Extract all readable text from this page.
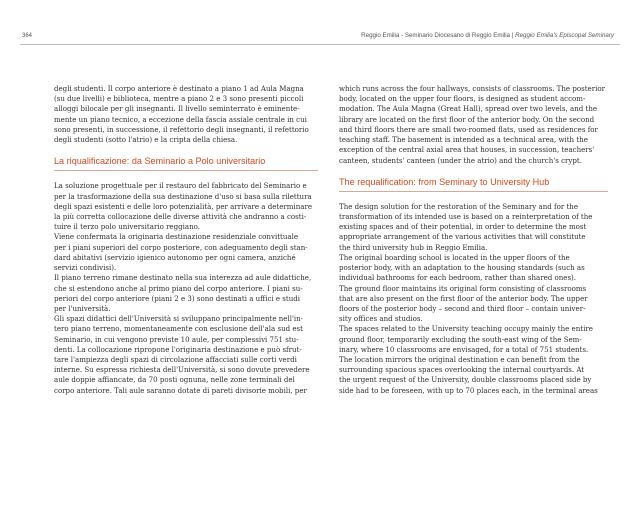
364	Reggio Emilia - Seminario Diocesano di Reggio Emilia | Reggio Emilia's Episcopal Seminary
degli studenti. Il corpo anteriore è destinato a piano 1 ad Aula Magna
(su due livelli) e biblioteca, mentre a piano 2 e 3 sono presenti piccoli
alloggi bilocale per gli insegnanti. Il livello seminterrato è eminente-
mente un piano tecnico, a eccezione della fascia assiale centrale in cui
sono presenti, in successione, il refettorio degli insegnanti, il refettorio
degli studenti (sotto l'atrio) e la cripta della chiesa.
La riqualificazione: da Seminario a Polo universitario
La soluzione progettuale per il restauro del fabbricato del Seminario e
per la trasformazione della sua destinazione d'uso si basa sulla rilettura
degli spazi esistenti e delle loro potenzialità, per arrivare a determinare
la più corretta collocazione delle diverse attività che andranno a costi-
tuire il terzo polo universitario reggiano.
Viene confermata la originaria destinazione residenziale convittuale
per i piani superiori del corpo posteriore, con adeguamento degli stan-
dard abitativi (servizio igienico autonomo per ogni camera, anziché
servizi condivisi).
Il piano terreno rimane destinato nella sua interezza ad aule didattiche,
che si estendono anche al primo piano del corpo anteriore. I piani su-
periori del corpo anteriore (piani 2 e 3) sono destinati a uffici e studi
per l'università.
Gli spazi didattici dell'Università si sviluppano principalmente nell'in-
tero piano terreno, momentaneamente con esclusione dell'ala sud est
Seminario, in cui vengono previste 10 aule, per complessivi 751 stu-
denti. La collocazione ripropone l'originaria destinazione e può sfrut-
tare l'ampiezza degli spazi di circolazione affacciati sulle corti verdi
interne. Su espressa richiesta dell'Università, si sono dovute prevedere
aule doppie affiancate, da 70 posti ognuna, nelle zone terminali del
corpo anteriore. Tali aule saranno dotate di pareti divisorie mobili, per
which runs across the four hallways, consists of classrooms. The posterior
body, located on the upper four floors, is designed as student accom-
modation. The Aula Magna (Great Hall), spread over two levels, and the
library are located on the first floor of the anterior body. On the second
and third floors there are small two-roomed flats, used as residences for
teaching staff. The basement is intended as a technical area, with the
exception of the central axial area that houses, in succession, teachers'
canteen, students' canteen (under the atrio) and the church's crypt.
The requalification: from Seminary to University Hub
The design solution for the restoration of the Seminary and for the
transformation of its intended use is based on a reinterpretation of the
existing spaces and of their potential, in order to determine the most
appropriate arrangement of the various activities that will constitute
the third university hub in Reggio Emilia.
The original boarding school is located in the upper floors of the
posterior body, with an adaptation to the housing standards (such as
individual bathrooms for each bedroom, rather than shared ones).
The ground floor maintains its original form consisting of classrooms
that are also present on the first floor of the anterior body. The upper
floors of the posterior body – second and third floor – contain univer-
sity offices and studios.
The spaces related to the University teaching occupy mainly the entire
ground floor, temporarily excluding the south-east wing of the Sem-
inary, where 10 classrooms are envisaged, for a total of 751 students.
The location mirrors the original destination e can benefit from the
surrounding spacious spaces overlooking the internal courtyards. At
the urgent request of the University, double classrooms placed side by
side had to be foreseen, with up to 70 places each, in the terminal areas
